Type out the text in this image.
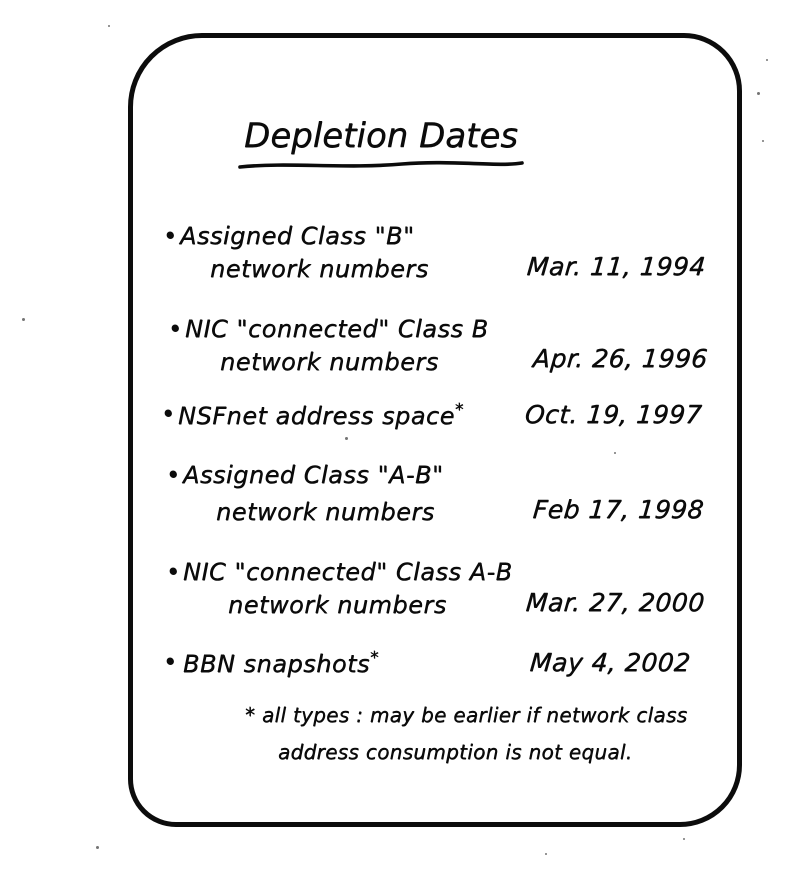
Depletion Dates
• Assigned Class "B"
network numbers	Mar. 11, 1994
• NIC "connected" Class B
network numbers	Apr. 26, 1996
• NSFnet address space* Oct. 19, 1997
• Assigned Class "A-B"
network numbers	Feb 17, 1998
• NIC "connected" Class A-B
network numbers	Mar. 27, 2000
• BBN snapshots*	May 4, 2002
* all types : may be earlier if network class
address consumption is not equal.
